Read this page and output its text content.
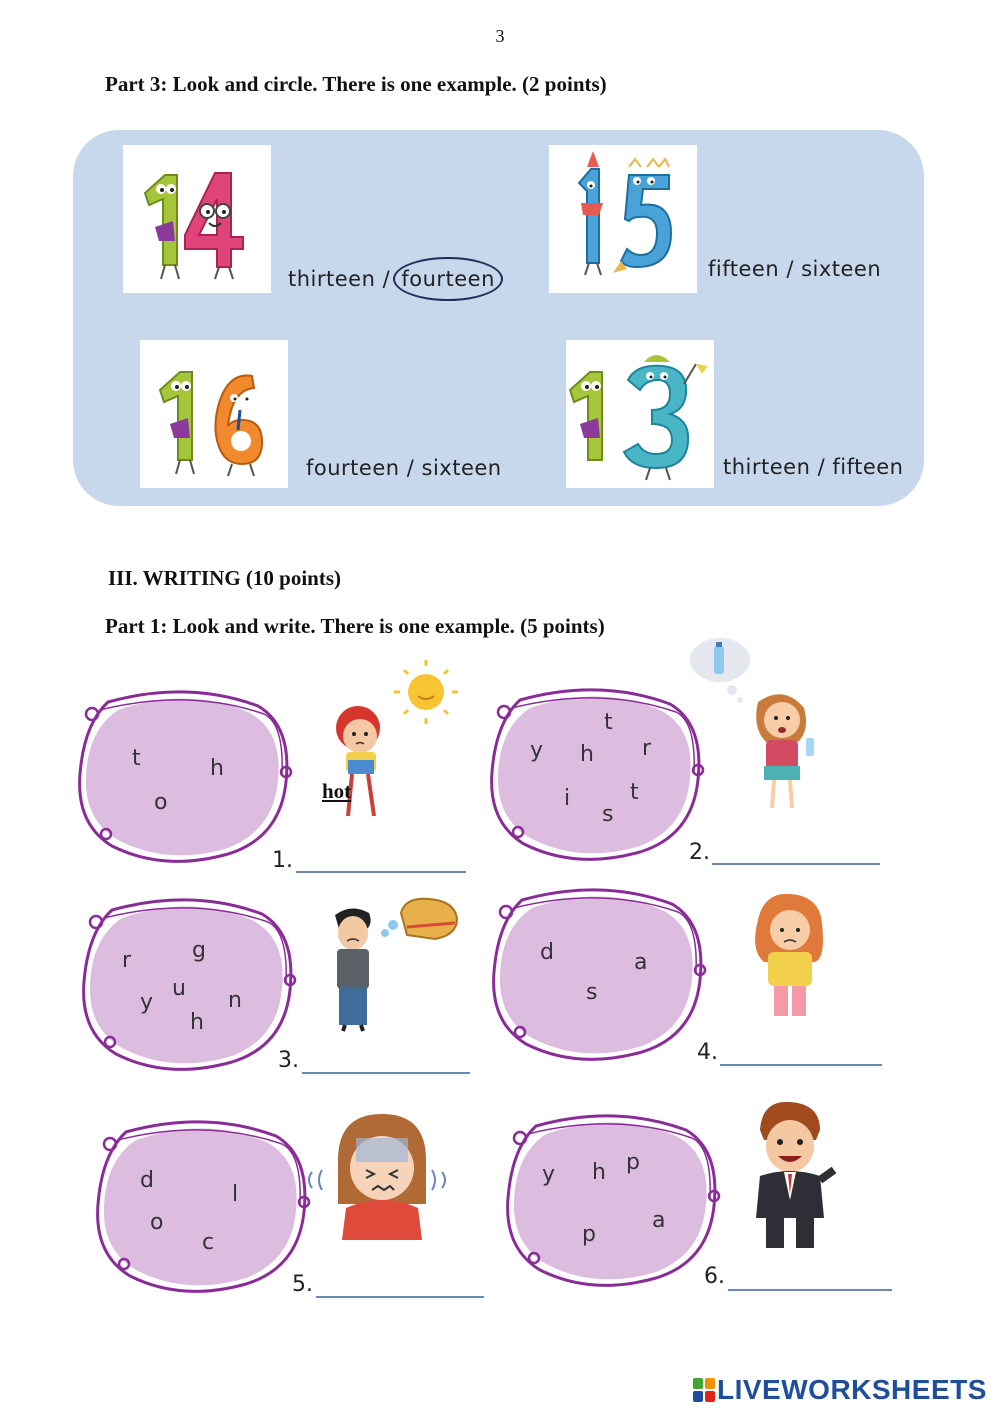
3
Part 3: Look and circle. There is one example. (2 points)
thirteen / fourteen	fifteen / sixteen
fourteen / sixteen	thirteen / fifteen
III. WRITING (10 points)
Part 1: Look and write. There is one example. (5 points)
t	h
o	hot
1.
t
y h r
i	t
s
2.
g
r
u
y	n
h
3.
d	a
s
4.
d
l
o
c
5.
y h p
a
p
6.
LIVEWORKSHEETS
